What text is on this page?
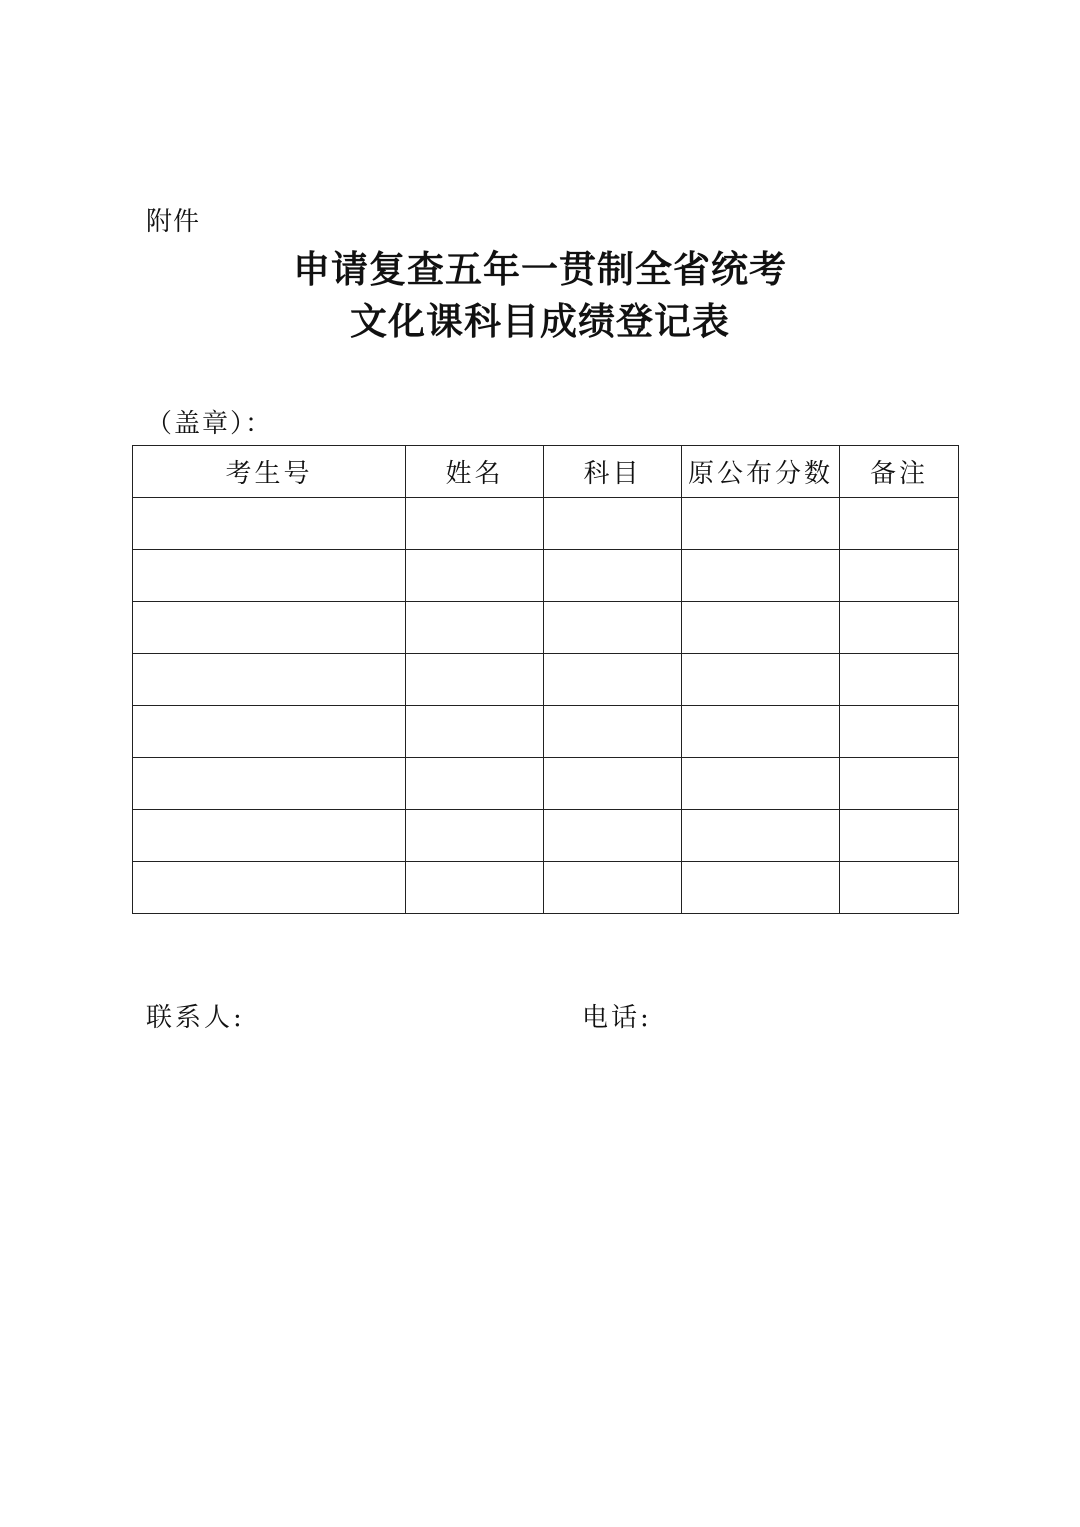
附件
申请复查五年一贯制全省统考
文化课科目成绩登记表
（盖章）：
考生号	姓名	科目	原公布分数	备注

联系人:	电话:
